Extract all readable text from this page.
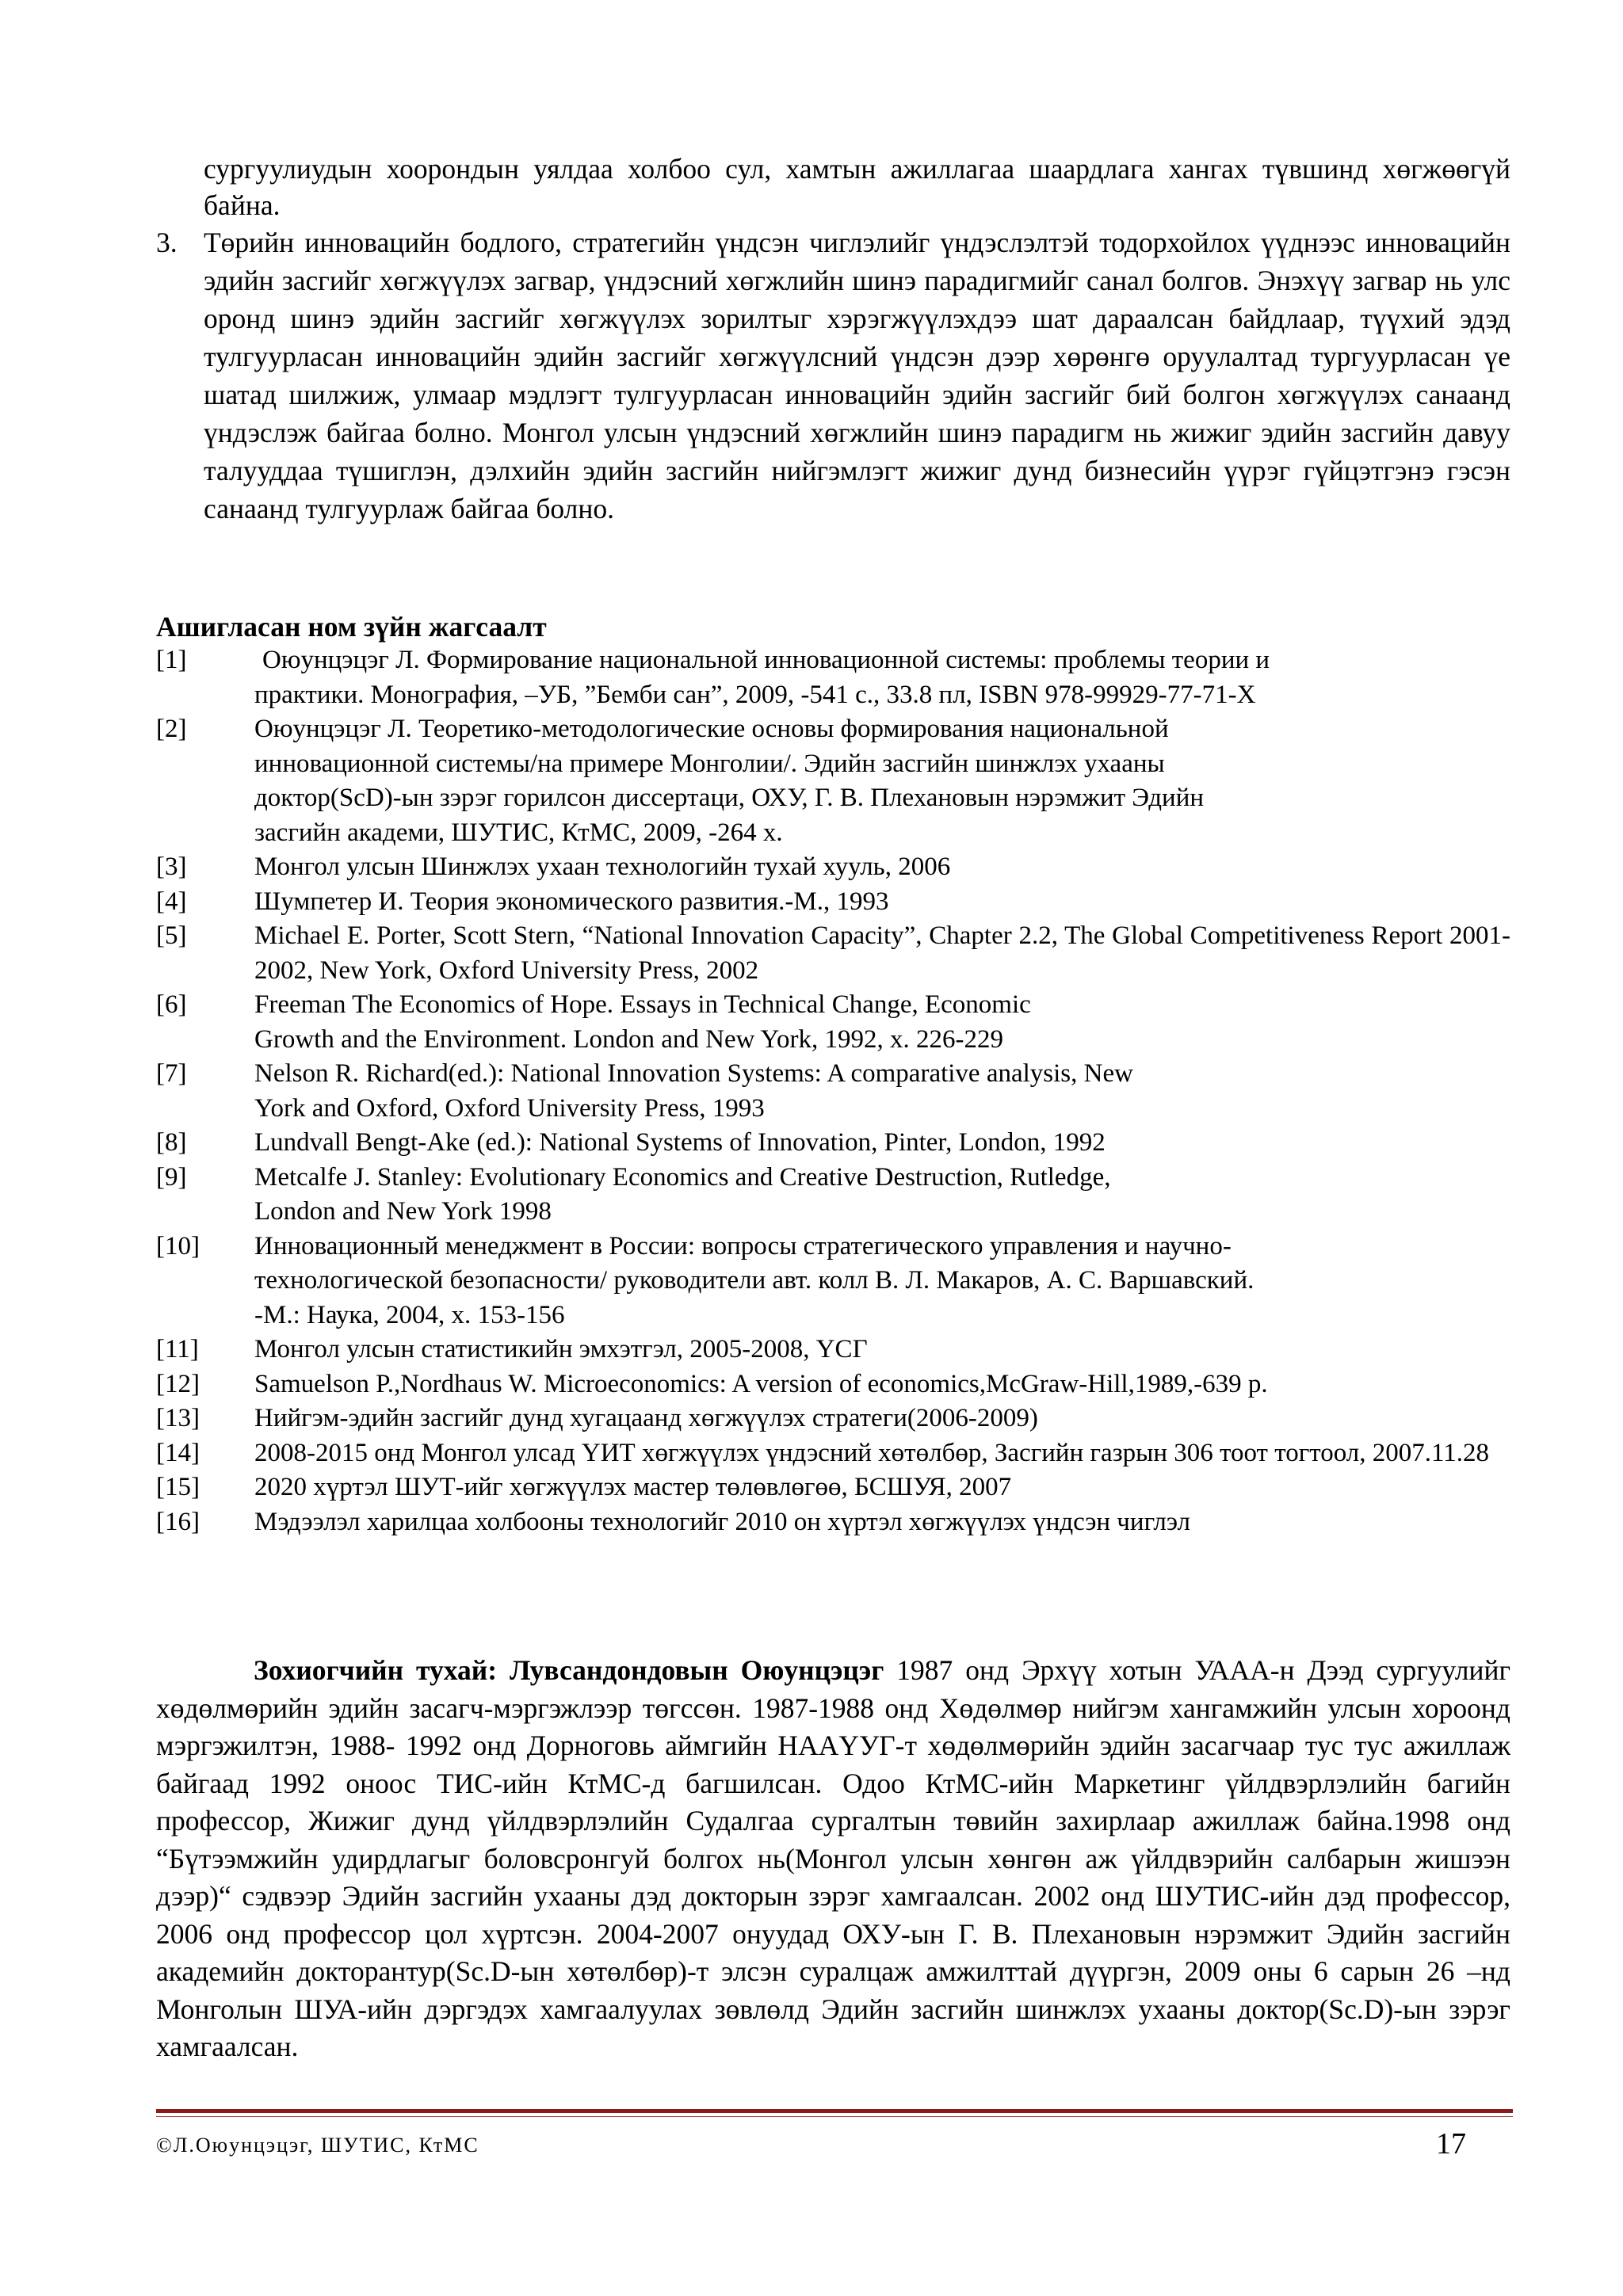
сургуулиудын хоорондын уялдаа холбоо сул, хамтын ажиллагаа шаардлага хангах түвшинд хөгжөөгүй байна.

3. Төрийн инновацийн бодлого, стратегийн үндсэн чиглэлийг үндэслэлтэй тодорхойлох үүднээс инновацийн эдийн засгийг хөгжүүлэх загвар, үндэсний хөгжлийн шинэ парадигмийг санал болгов. Энэхүү загвар нь улс оронд шинэ эдийн засгийг хөгжүүлэх зорилтыг хэрэгжүүлэхдээ шат дараалсан байдлаар, түүхий эдэд тулгуурласан инновацийн эдийн засгийг хөгжүүлсний үндсэн дээр хөрөнгө оруулалтад тургуурласан үе шатад шилжиж, улмаар мэдлэгт тулгуурласан инновацийн эдийн засгийг бий болгон хөгжүүлэх санаанд үндэслэж байгаа болно. Монгол улсын үндэсний хөгжлийн шинэ парадигм нь жижиг эдийн засгийн давуу талууддаа түшиглэн, дэлхийн эдийн засгийн нийгэмлэгт жижиг дунд бизнесийн үүрэг гүйцэтгэнэ гэсэн санаанд тулгуурлаж байгаа болно.
Ашигласан ном зүйн жагсаалт
[1]	Оюунцэцэг Л. Формирование национальной инновационной системы: проблемы теории и
практики. Монография, –УБ, ”Бемби сан”, 2009, -541 с., 33.8 пл, ISBN 978-99929-77-71-X
[2]	Оюунцэцэг Л. Теоретико-методологические основы формирования национальной
инновационной системы/на примере Монголии/. Эдийн засгийн шинжлэх ухааны
доктор(ScD)-ын зэрэг горилсон диссертаци, ОХУ, Г. В. Плехановын нэрэмжит Эдийн
засгийн академи, ШУТИС, КтМС, 2009, -264 х.
[3]	Монгол улсын Шинжлэх ухаан технологийн тухай хууль, 2006
[4]	Шумпетер И. Теория экономического развития.-М., 1993
[5]	Michael E. Porter, Scott Stern, “National Innovation Capacity”, Chapter 2.2, The Global Competitiveness Report 2001-2002, New York, Oxford University Press, 2002
[6]	Freeman The Economics of Hope. Essays in Technical Change, Economic
Growth and the Environment. London and New York, 1992, х. 226-229
[7]	Nelson R. Richard(ed.): National Innovation Systems: A comparative analysis, New
York and Oxford, Oxford University Press, 1993
[8]	Lundvall Bengt-Ake (ed.): National Systems of Innovation, Pinter, London, 1992
[9]	Metcalfe J. Stanley: Evolutionary Economics and Creative Destruction, Rutledge,
London and New York 1998
[10] Инновационный менеджмент в России: вопросы стратегического управления и научно-
технологической безопасности/ руководители авт. колл В. Л. Макаров, А. С. Варшавский.
-М.: Наука, 2004, х. 153-156
[11] Монгол улсын статистикийн эмхэтгэл, 2005-2008, ҮСГ
[12] Samuelson P.,Nordhaus W. Microeconomics: A version of economics,McGraw-Hill,1989,-639 p.
[13] Нийгэм-эдийн засгийг дунд хугацаанд хөгжүүлэх стратеги(2006-2009)
[14] 2008-2015 онд Монгол улсад ҮИТ хөгжүүлэх үндэсний хөтөлбөр, Засгийн газрын 306 тоот тогтоол, 2007.11.28
[15] 2020 хүртэл ШУТ-ийг хөгжүүлэх мастер төлөвлөгөө, БСШУЯ, 2007
[16] Мэдээлэл харилцаа холбооны технологийг 2010 он хүртэл хөгжүүлэх үндсэн чиглэл

Зохиогчийн тухай: Лувсандондовын Оюунцэцэг 1987 онд Эрхүү хотын УААА-н Дээд сургуулийг хөдөлмөрийн эдийн засагч-мэргэжлээр төгссөн. 1987-1988 онд Хөдөлмөр нийгэм хангамжийн улсын хороонд мэргэжилтэн, 1988- 1992 онд Дорноговь аймгийн НААҮУГ-т хөдөлмөрийн эдийн засагчаар тус тус ажиллаж байгаад 1992 оноос ТИС-ийн КтМС-д багшилсан. Одоо КтМС-ийн Маркетинг үйлдвэрлэлийн багийн профессор, Жижиг дунд үйлдвэрлэлийн Судалгаа сургалтын төвийн захирлаар ажиллаж байна.1998 онд “Бүтээмжийн удирдлагыг боловсронгуй болгох нь(Монгол улсын хөнгөн аж үйлдвэрийн салбарын жишээн дээр)“ сэдвээр Эдийн засгийн ухааны дэд докторын зэрэг хамгаалсан. 2002 онд ШУТИС-ийн дэд профессор, 2006 онд профессор цол хүртсэн. 2004-2007 онуудад ОХУ-ын Г. В. Плехановын нэрэмжит Эдийн засгийн академийн докторантур(Sc.D-ын хөтөлбөр)-т элсэн суралцаж амжилттай дүүргэн, 2009 оны 6 сарын 26 –нд Монголын ШУА-ийн дэргэдэх хамгаалуулах зөвлөлд Эдийн засгийн шинжлэх ухааны доктор(Sc.D)-ын зэрэг хамгаалсан.

©Л.Оюунцэцэг, ШУТИС, КтМС	17
